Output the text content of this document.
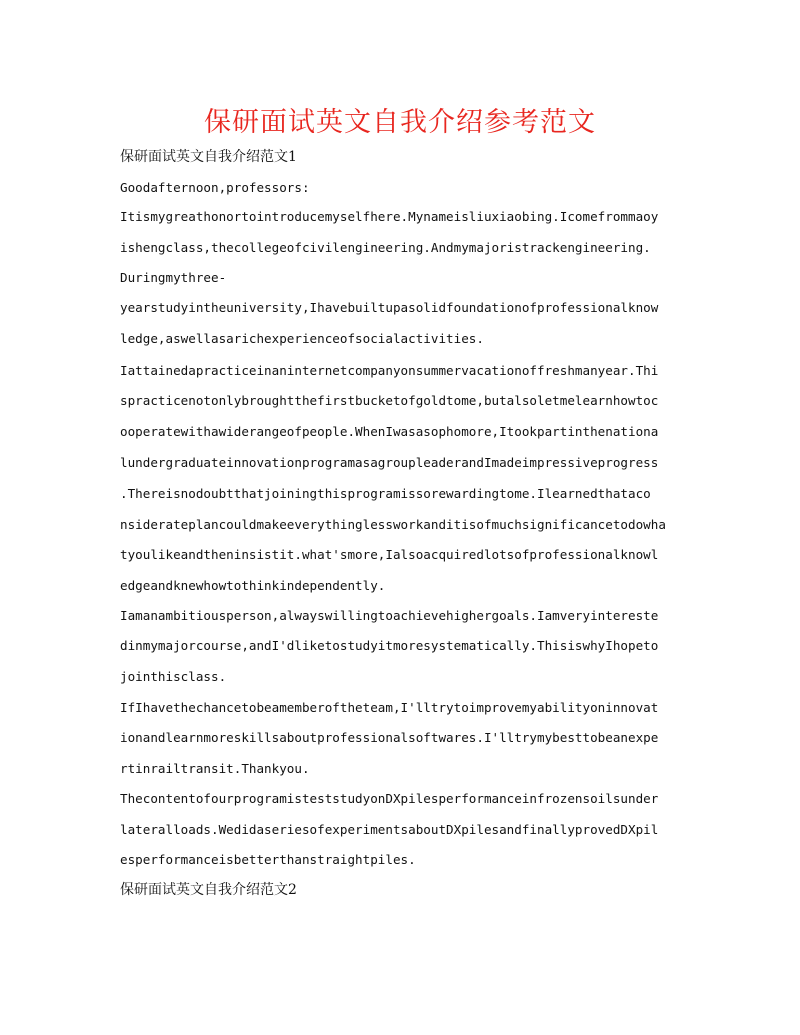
保研面试英文自我介绍参考范文
保研面试英文自我介绍范文1
Goodafternoon,professors:
Itismygreathonortointroducemyselfhere.Mynameisliuxiaobing.Icomefrommaoy
ishengclass,thecollegeofcivilengineering.Andmymajoristrackengineering.
Duringmythree-
yearstudyintheuniversity,Ihavebuiltupasolidfoundationofprofessionalknow
ledge,aswellasarichexperienceofsocialactivities.
Iattainedapracticeinaninternetcompanyonsummervacationoffreshmanyear.Thi
spracticenotonlybroughtthefirstbucketofgoldtome,butalsoletmelearnhowtoc
ooperatewithawiderangeofpeople.WhenIwasasophomore,Itookpartinthenationa
lundergraduateinnovationprogramasagroupleaderandImadeimpressiveprogress
.Thereisnodoubtthatjoiningthisprogramissorewardingtome.Ilearnedthataco
nsiderateplancouldmakeeverythinglessworkanditisofmuchsignificancetodowha
tyoulikeandtheninsistit.what'smore,Ialsoacquiredlotsofprofessionalknowl
edgeandknewhowtothinkindependently.
Iamanambitiousperson,alwayswillingtoachievehighergoals.Iamveryintereste
dinmymajorcourse,andI'dliketostudyitmoresystematically.ThisiswhyIhopeto
jointhisclass.
IfIhavethechancetobeamemberoftheteam,I'lltrytoimprovemyabilityoninnovat
ionandlearnmoreskillsaboutprofessionalsoftwares.I'lltrymybesttobeanexpe
rtinrailtransit.Thankyou.
ThecontentofourprogramisteststudyonDXpilesperformanceinfrozensoilsunder
lateralloads.WedidaseriesofexperimentsaboutDXpilesandfinallyprovedDXpil
esperformanceisbetterthanstraightpiles.
保研面试英文自我介绍范文2
